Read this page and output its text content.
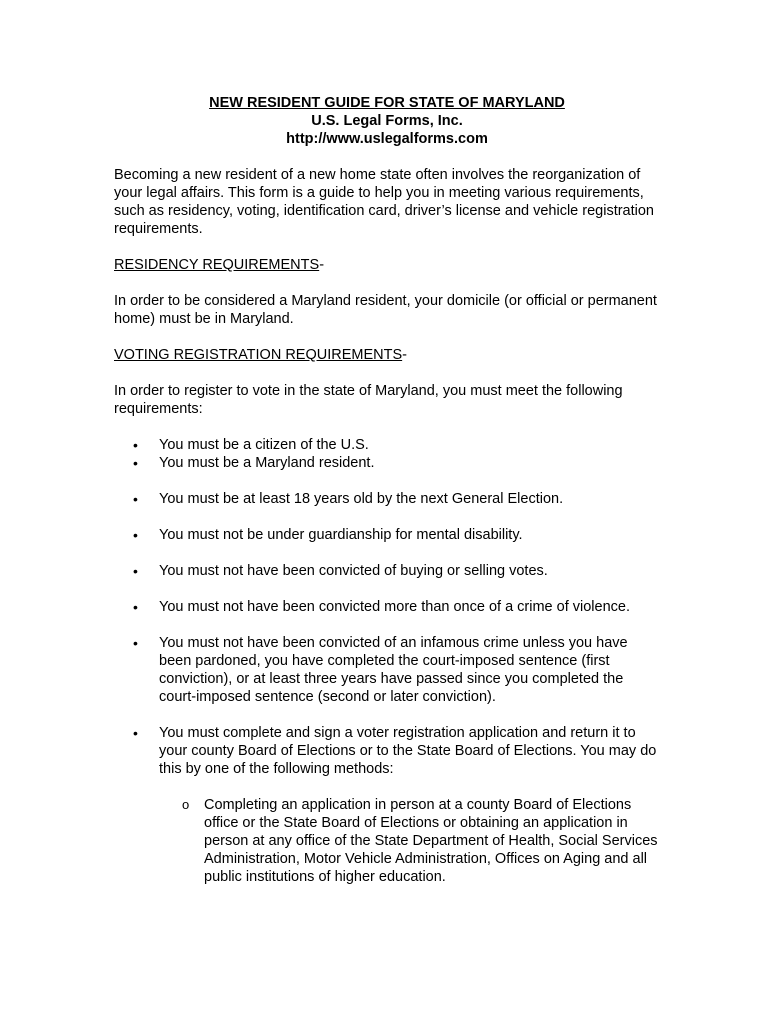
NEW RESIDENT GUIDE FOR STATE OF MARYLAND
U.S. Legal Forms, Inc.
http://www.uslegalforms.com

Becoming a new resident of a new home state often involves the reorganization of your legal affairs. This form is a guide to help you in meeting various requirements, such as residency, voting, identification card, driver’s license and vehicle registration requirements.

RESIDENCY REQUIREMENTS-

In order to be considered a Maryland resident, your domicile (or official or permanent home) must be in Maryland.

VOTING REGISTRATION REQUIREMENTS-

In order to register to vote in the state of Maryland, you must meet the following requirements:

• You must be a citizen of the U.S.
• You must be a Maryland resident.
• You must be at least 18 years old by the next General Election.
• You must not be under guardianship for mental disability.
• You must not have been convicted of buying or selling votes.
• You must not have been convicted more than once of a crime of violence.
• You must not have been convicted of an infamous crime unless you have been pardoned, you have completed the court-imposed sentence (first conviction), or at least three years have passed since you completed the court-imposed sentence (second or later conviction).
• You must complete and sign a voter registration application and return it to your county Board of Elections or to the State Board of Elections. You may do this by one of the following methods:
o Completing an application in person at a county Board of Elections office or the State Board of Elections or obtaining an application in person at any office of the State Department of Health, Social Services Administration, Motor Vehicle Administration, Offices on Aging and all public institutions of higher education.
